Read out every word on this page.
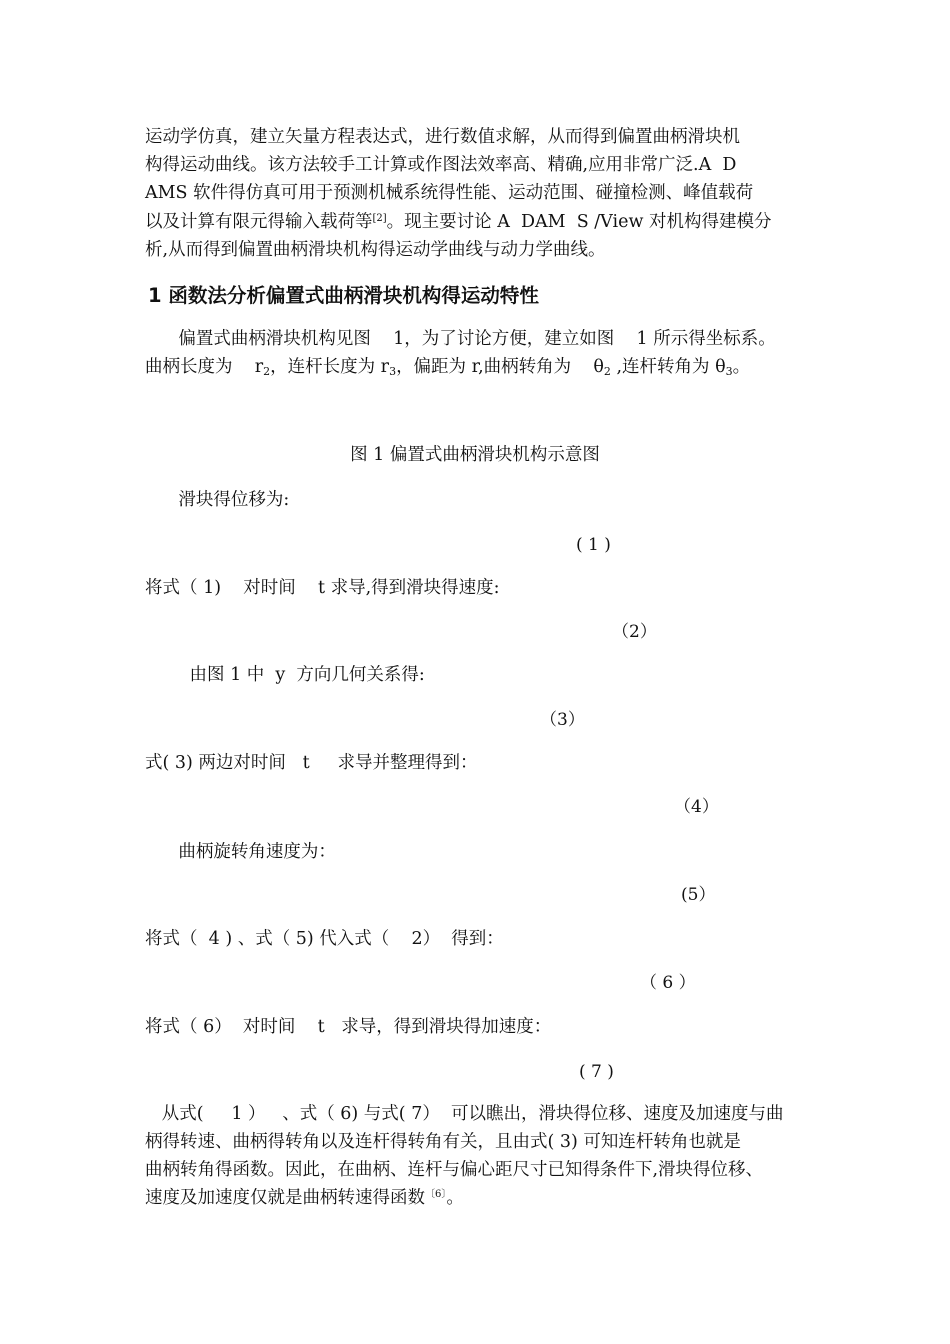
运动学仿真，建立矢量方程表达式，进行数值求解，从而得到偏置曲柄滑块机

构得运动曲线。该方法较手工计算或作图法效率高、精确,应用非常广泛.A  D

AMS 软件得仿真可用于预测机械系统得性能、运动范围、碰撞检测、峰值载荷

以及计算有限元得输入载荷等[2]。现主要讨论 A  DAM  S /View 对机构得建模分

析,从而得到偏置曲柄滑块机构得运动学曲线与动力学曲线。

1 函数法分析偏置式曲柄滑块机构得运动特性

偏置式曲柄滑块机构见图    1，为了讨论方便，建立如图    1 所示得坐标系。

曲柄长度为    $r_2$，连杆长度为 $r_3$，偏距为 r,曲柄转角为    $\theta_2$ ,连杆转角为 $\theta_3$。

图 1 偏置式曲柄滑块机构示意图

滑块得位移为:

( 1 )

将式（ 1)    对时间    t 求导,得到滑块得速度:

（2）

由图 1 中  y  方向几何关系得:

（3）

式( 3) 两边对时间   t     求导并整理得到：

（4）

曲柄旋转角速度为：

(5）

将式（  4 ) 、式（ 5) 代入式（    2）  得到：

（ 6 ）

将式（ 6）  对时间    t   求导，得到滑块得加速度：

( 7 )

从式(     1 ）   、式（ 6) 与式( 7）  可以瞧出，滑块得位移、速度及加速度与曲

柄得转速、曲柄得转角以及连杆得转角有关，且由式( 3) 可知连杆转角也就是

曲柄转角得函数。因此，在曲柄、连杆与偏心距尺寸已知得条件下,滑块得位移、

速度及加速度仅就是曲柄转速得函数$^{〔6〕}$。
